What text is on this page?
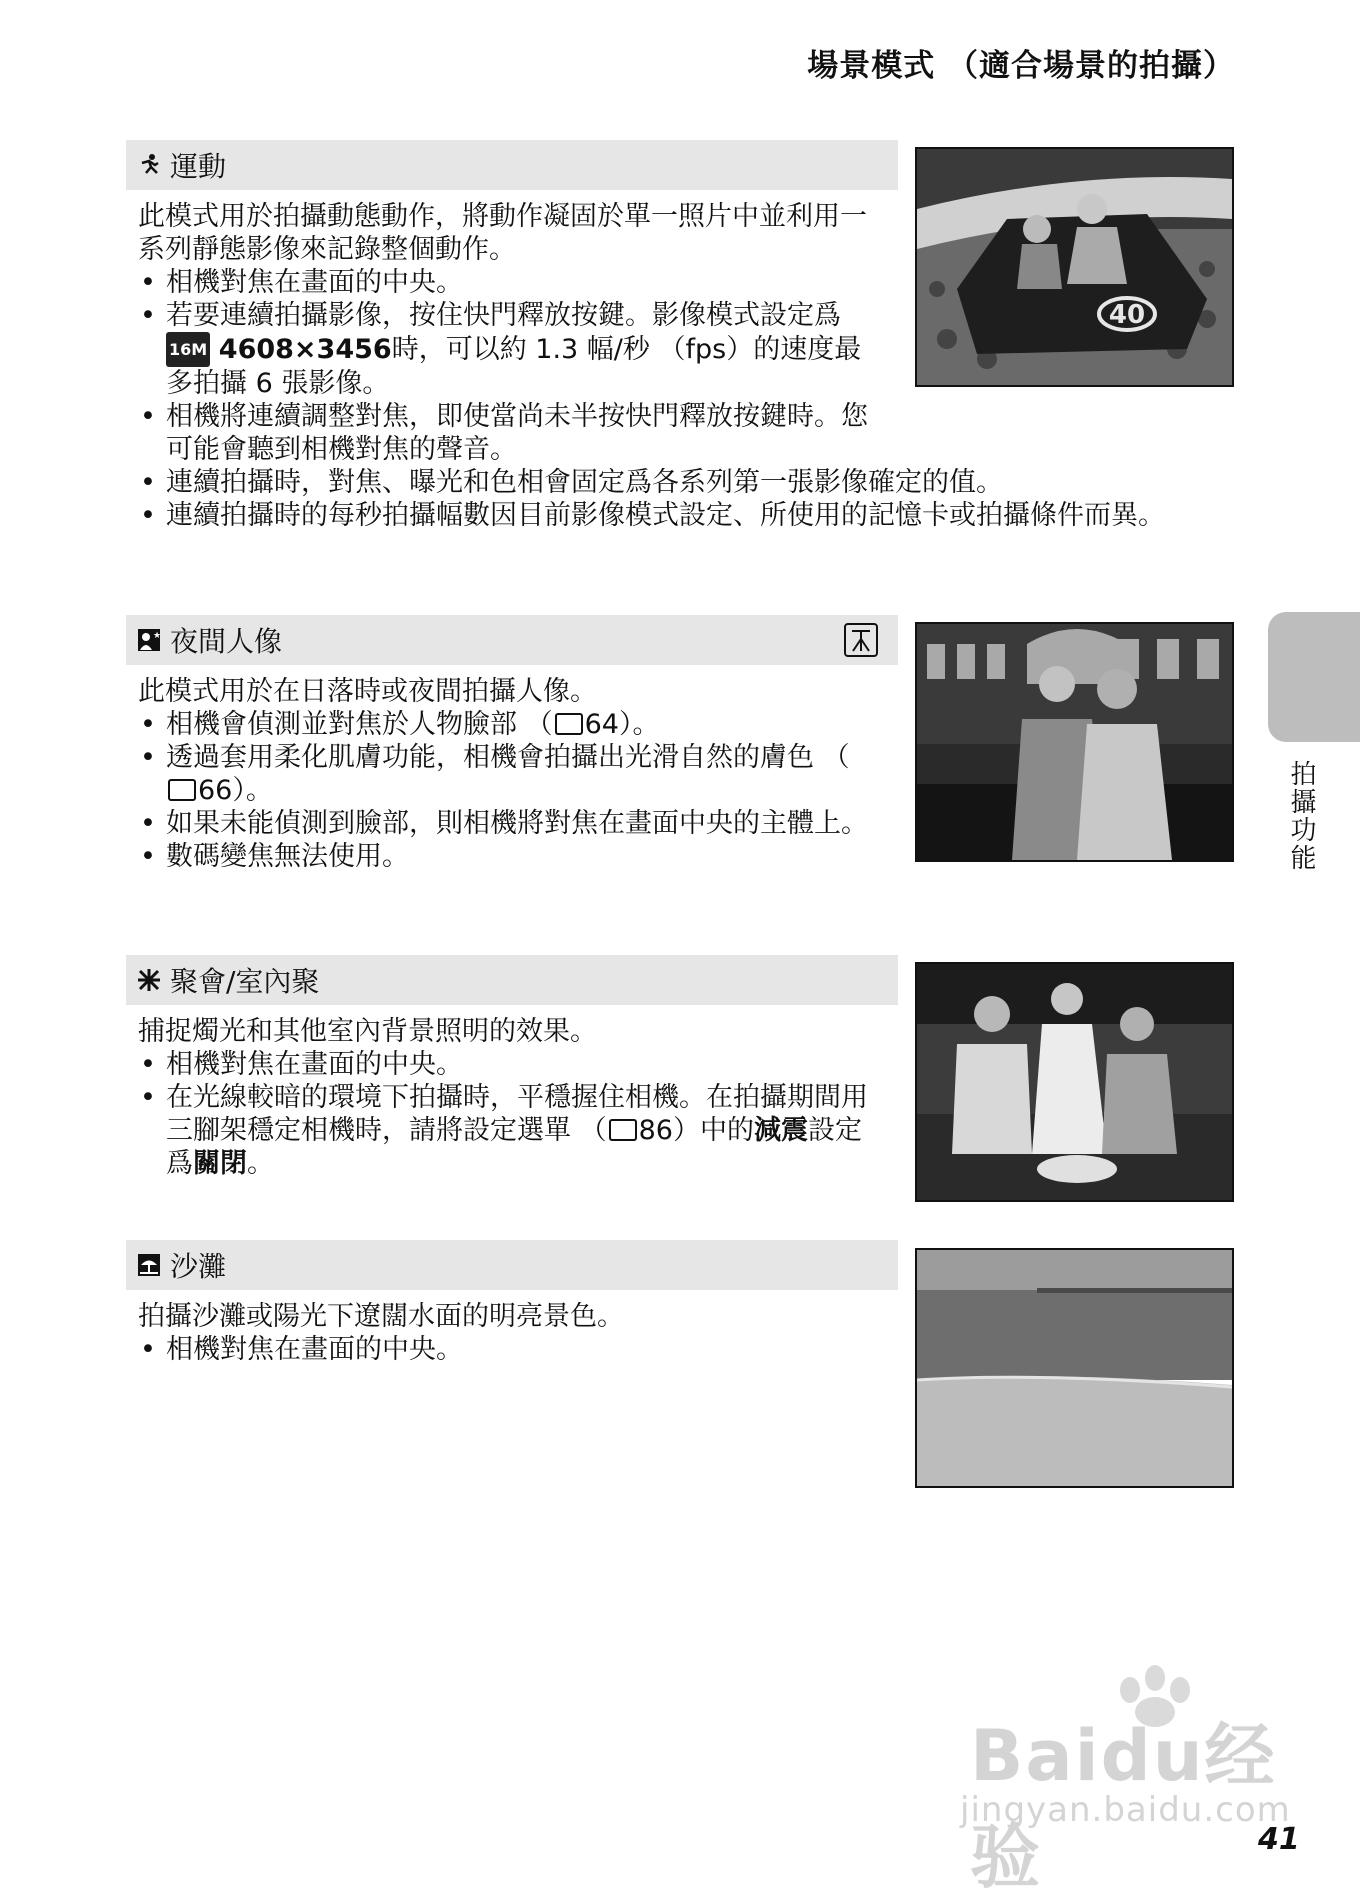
場景模式 （適合場景的拍攝）
運動
此模式用於拍攝動態動作，將動作凝固於單一照片中並利用一系列靜態影像來記錄整個動作。
• 相機對焦在畫面的中央。
• 若要連續拍攝影像，按住快門釋放按鍵。影像模式設定爲 16M 4608×3456時，可以約 1.3 幅/秒 （fps）的速度最多拍攝 6 張影像。
• 相機將連續調整對焦，即使當尚未半按快門釋放按鍵時。您可能會聽到相機對焦的聲音。
• 連續拍攝時，對焦、曝光和色相會固定爲各系列第一張影像確定的值。
• 連續拍攝時的每秒拍攝幅數因目前影像模式設定、所使用的記憶卡或拍攝條件而異。
40
★ 夜間人像
此模式用於在日落時或夜間拍攝人像。
• 相機會偵測並對焦於人物臉部 （ 64）。
• 透過套用柔化肌膚功能，相機會拍攝出光滑自然的膚色 （66）。
• 如果未能偵測到臉部，則相機將對焦在畫面中央的主體上。
• 數碼變焦無法使用。
聚會/室內聚
捕捉燭光和其他室內背景照明的效果。
• 相機對焦在畫面的中央。
• 在光線較暗的環境下拍攝時，平穩握住相機。在拍攝期間用三腳架穩定相機時，請將設定選單 （ 86）中的減震設定爲關閉。
沙灘
拍攝沙灘或陽光下遼闊水面的明亮景色。
• 相機對焦在畫面的中央。
拍攝功能
Baidu经验
jingyan.baidu.com
41
